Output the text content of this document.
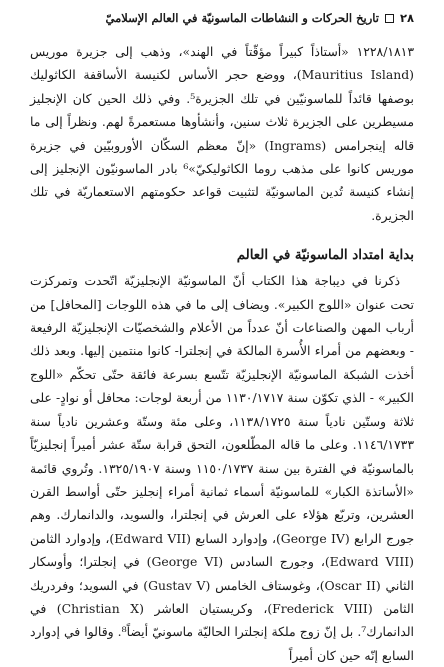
٢٨
تاريخ الحركات و النشاطات الماسونيّة في العالم الإسلاميّ

١٢٢٨/١٨١٣ «أستاذاً كبيراً مؤقّتاً في الهند»، وذهب إلى جزيرة موريس (Mauritius Island)، ووضع حجر الأساس لكنيسة الأساقفة الكاثوليك بوصفها قائداً للماسونيّين في تلك الجزيرة⁵. وفي ذلك الحين كان الإنجليز مسيطرين على الجزيرة ثلاث سنين، وأنشأوها مستعمرةً لهم. ونظراً إلى ما قاله إينجرامس (Ingrams) «إنّ معظم السكّان الأوروبيّين في جزيرة موريس كانوا على مذهب روما الكاثوليكيّ»⁶ بادر الماسونيّون الإنجليز إلى إنشاء كنيسة تُدين الماسونيّة لتثبيت قواعد حكومتهم الاستعماريّة في تلك الجزيرة.

بداية امتداد الماسونيّة في العالم

ذكرنا في ديباجة هذا الكتاب أنّ الماسونيّة الإنجليزيّة اتّحدت وتمركزت تحت عنوان «اللوج الكبير». ويضاف إلى ما في هذه اللوجات [المحافل] من أرباب المهن والصناعات أنّ عدداً من الأعلام والشخصيّات الإنجليزيّة الرفيعة - وبعضهم من أمراء الأُسرة المالكة في إنجلترا- كانوا منتمين إليها. وبعد ذلك أخذت الشبكة الماسونيّة الإنجليزيّة تتّسع بسرعة فائقة حتّى تحكّم «اللوج الكبير» - الذي تكوّن سنة ١١٣٠/١٧١٧ من أربعة لوجات: محافل أو نوادٍ- على ثلاثة وستّين نادياً سنة ١١٣٨/١٧٢٥، وعلى مئة وستّة وعشرين نادياً سنة ١١٤٦/١٧٣٣. وعلى ما قاله المطّلعون، التحق قرابة ستّة عشر أميراً إنجليزيّاً بالماسونيّة في الفترة بين سنة ١١٥٠/١٧٣٧ وسنة ١٣٢٥/١٩٠٧. وتُروي قائمة «الأساتذة الكبار» للماسونيّة أسماء ثمانية أمراء إنجليز حتّى أواسط القرن العشرين، وتربّع هؤلاء على العرش في إنجلترا، والسويد، والدانمارك. وهم جورج الرابع (George IV)، وإدوارد السابع (Edward VII)، وإدوارد الثامن (Edward VIII)، وجورج السادس (George VI) في إنجلترا؛ وأوسكار الثاني (Oscar II)، وغوستاف الخامس (Gustav V) في السويد؛ وفردريك الثامن (Frederick VIII)، وكريستيان العاشر (Christian X) في الدانمارك⁷. بل إنّ زوج ملكة إنجلترا الحاليّة ماسونيّ أيضاً⁸. وقالوا في إدوارد السابع إنّه حين كان أميراً
